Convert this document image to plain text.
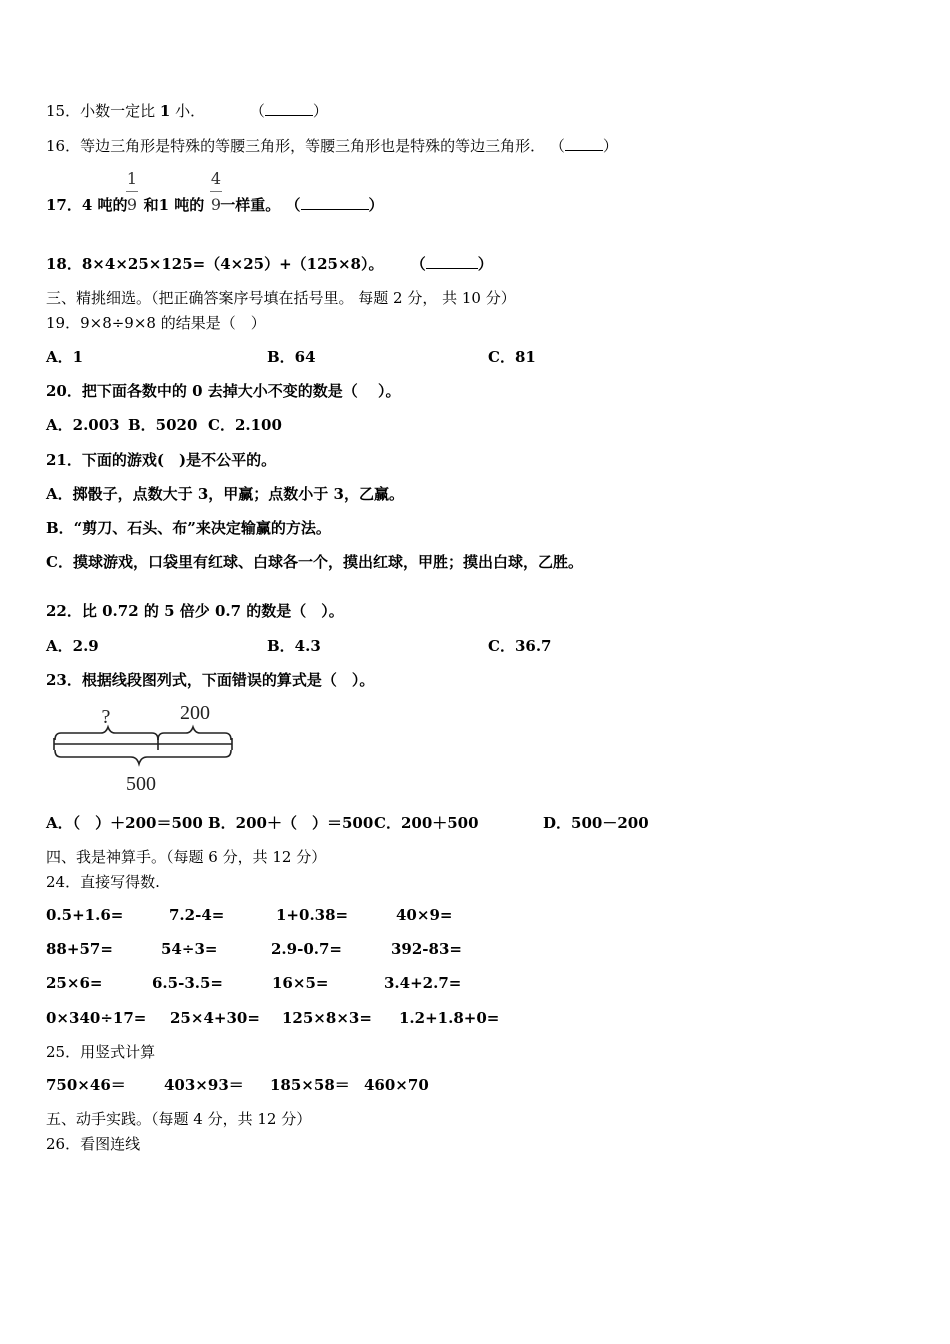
15．小数一定比 1 小．	（	）
16．等边三角形是特殊的等腰三角形，等腰三角形也是特殊的等边三角形． （	）
17．4 吨的 和1 吨的 一样重。 （	）
1
9
4
9
18．8×4×25×125=（4×25）+（125×8）。 （	）
三、精挑细选。（把正确答案序号填在括号里。 每题 2 分， 共 10 分）
19．9×8÷9×8 的结果是（　）
A．1	B．64	C．81
20．把下面各数中的 0 去掉大小不变的数是（　 ）。
A．2.003 B．5020 C．2.100
21．下面的游戏(　)是不公平的。
A．掷骰子，点数大于 3，甲赢；点数小于 3，乙赢。
B．“剪刀、石头、布”来决定输赢的方法。
C．摸球游戏，口袋里有红球、白球各一个，摸出红球，甲胜；摸出白球，乙胜。
22．比 0.72 的 5 倍少 0.7 的数是（　）。
A．2.9	B．4.3	C．36.7
23．根据线段图列式，下面错误的算式是（　）。
?	200
500
A．（　）＋200＝500 B．200＋（　）＝500 C．200＋500	D．500－200
四、我是神算手。（每题 6 分，共 12 分）
24．直接写得数.
0.5+1.6=	7.2-4=	1+0.38=	40×9=
88+57=	54÷3=	2.9-0.7=	392-83=
25×6=	6.5-3.5=	16×5=	3.4+2.7=
0×340÷17= 25×4+30= 125×8×3= 1.2+1.8+0=
25．用竖式计算
750×46＝	403×93＝ 185×58＝ 460×70
五、动手实践。（每题 4 分，共 12 分）
26．看图连线
